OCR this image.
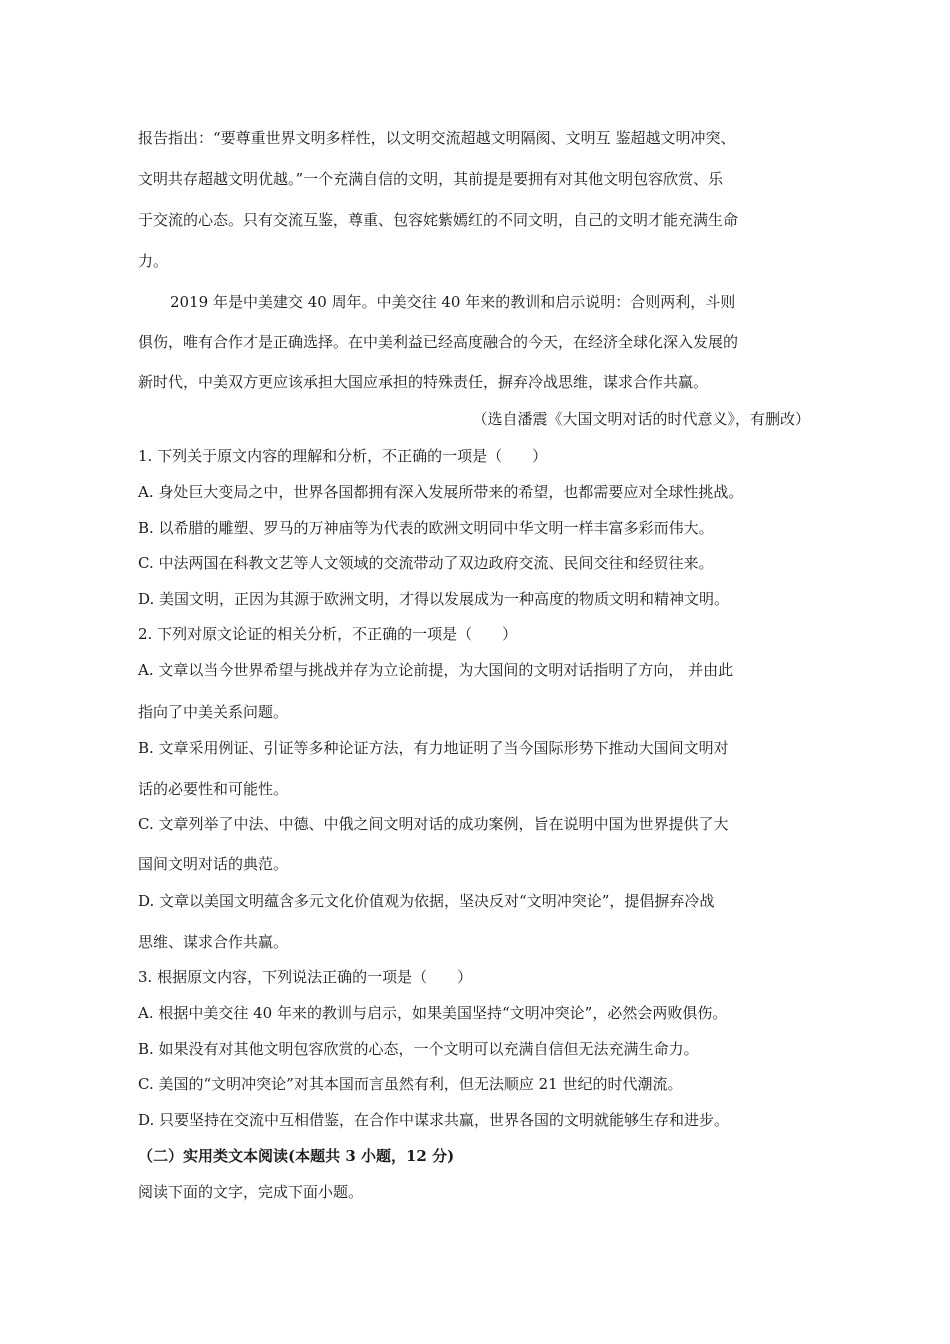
报告指出：“要尊重世界文明多样性，以文明交流超越文明隔阂、文明互 鉴超越文明冲突、
文明共存超越文明优越。”一个充满自信的文明，其前提是要拥有对其他文明包容欣赏、乐
于交流的心态。只有交流互鉴，尊重、包容姹紫嫣红的不同文明，自己的文明才能充满生命
力。
2019 年是中美建交 40 周年。中美交往 40 年来的教训和启示说明：合则两利，斗则
俱伤，唯有合作才是正确选择。在中美利益已经高度融合的今天，在经济全球化深入发展的
新时代，中美双方更应该承担大国应承担的特殊责任，摒弃冷战思维，谋求合作共赢。
（选自潘震《大国文明对话的时代意义》，有删改）
1. 下列关于原文内容的理解和分析，不正确的一项是（　　）
A. 身处巨大变局之中，世界各国都拥有深入发展所带来的希望，也都需要应对全球性挑战。
B. 以希腊的雕塑、罗马的万神庙等为代表的欧洲文明同中华文明一样丰富多彩而伟大。
C. 中法两国在科教文艺等人文领域的交流带动了双边政府交流、民间交往和经贸往来。
D. 美国文明，正因为其源于欧洲文明，才得以发展成为一种高度的物质文明和精神文明。
2. 下列对原文论证的相关分析，不正确的一项是（　　）
A. 文章以当今世界希望与挑战并存为立论前提，为大国间的文明对话指明了方向， 并由此
指向了中美关系问题。
B. 文章采用例证、引证等多种论证方法，有力地证明了当今国际形势下推动大国间文明对
话的必要性和可能性。
C. 文章列举了中法、中德、中俄之间文明对话的成功案例，旨在说明中国为世界提供了大
国间文明对话的典范。
D. 文章以美国文明蕴含多元文化价值观为依据，坚决反对“文明冲突论”，提倡摒弃冷战
思维、谋求合作共赢。
3. 根据原文内容，下列说法正确的一项是（　　）
A. 根据中美交往 40 年来的教训与启示，如果美国坚持“文明冲突论”，必然会两败俱伤。
B. 如果没有对其他文明包容欣赏的心态，一个文明可以充满自信但无法充满生命力。
C. 美国的“文明冲突论”对其本国而言虽然有利，但无法顺应 21 世纪的时代潮流。
D. 只要坚持在交流中互相借鉴，在合作中谋求共赢，世界各国的文明就能够生存和进步。
（二）实用类文本阅读(本题共 3 小题，12 分)
阅读下面的文字，完成下面小题。
